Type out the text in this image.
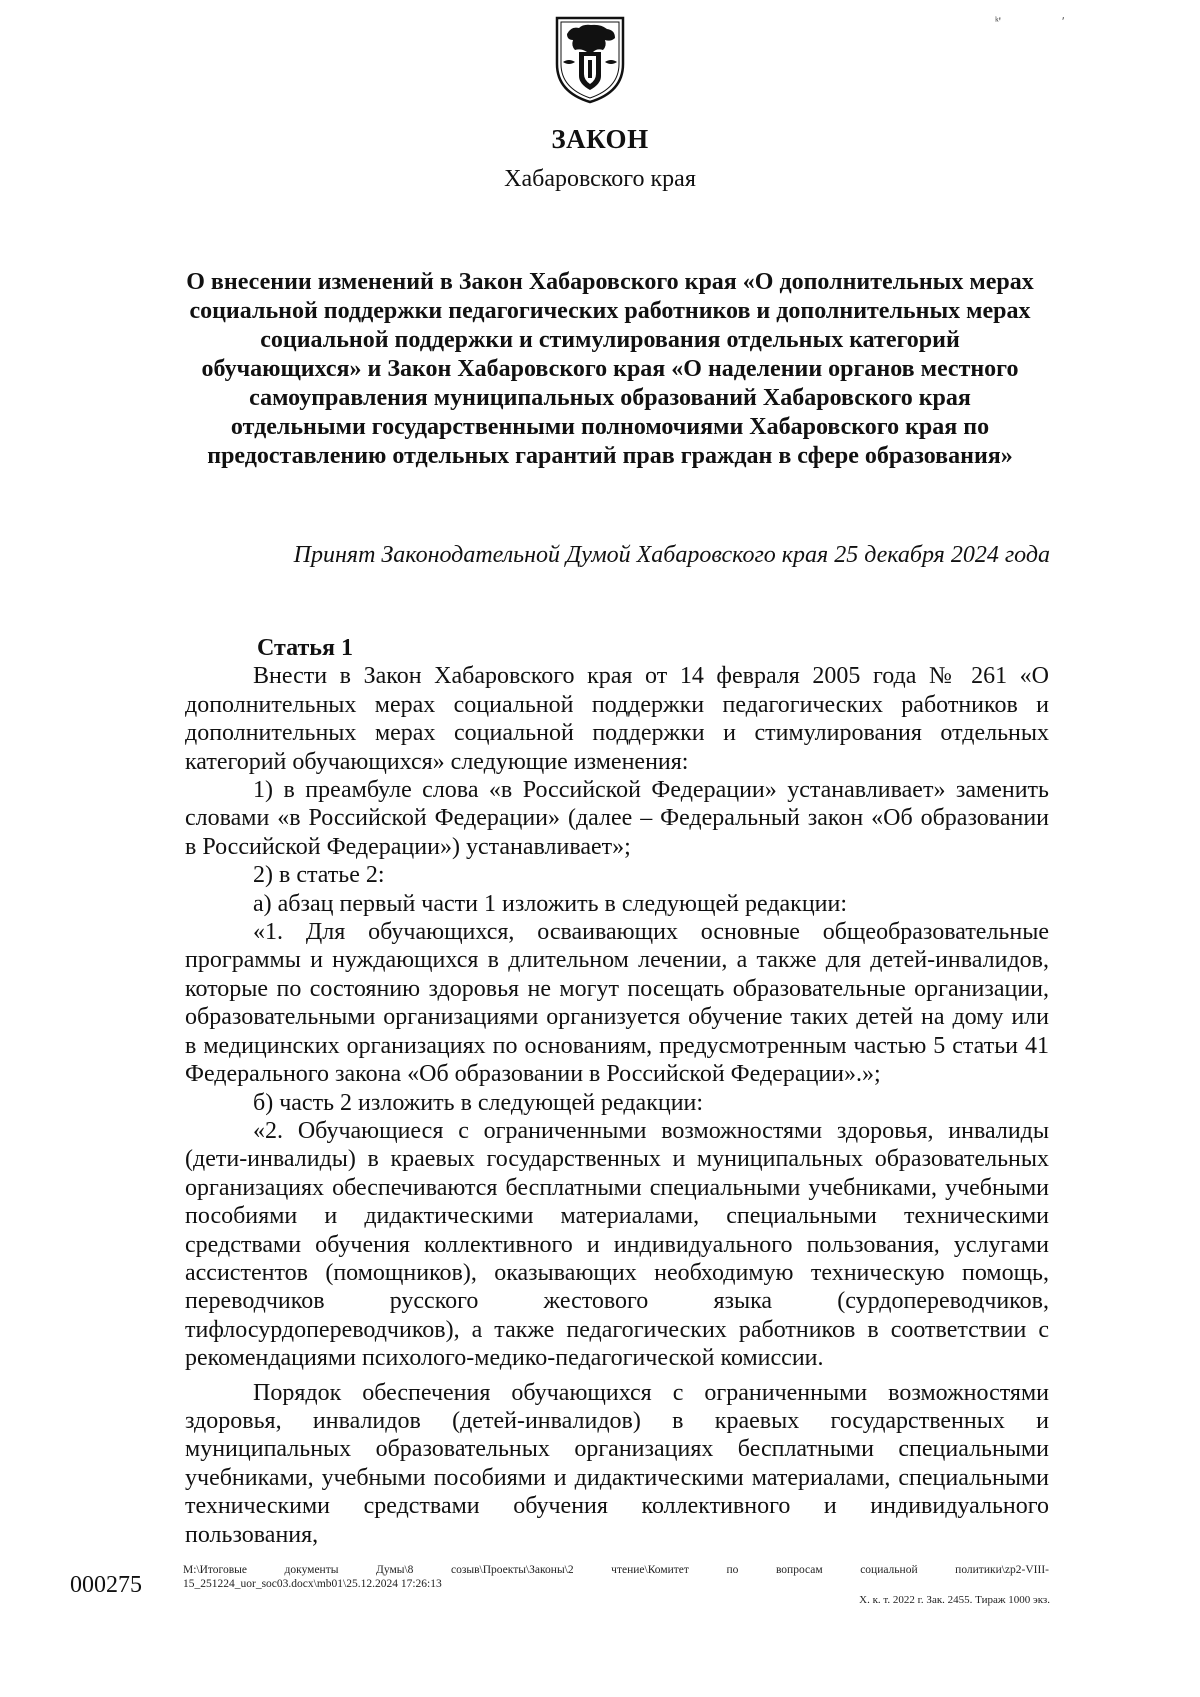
ᵏ'	ʹ
ЗАКОН
Хабаровского края
О внесении изменений в Закон Хабаровского края «О дополнительных мерах
социальной поддержки педагогических работников и дополнительных мерах
социальной поддержки и стимулирования отдельных категорий
обучающихся» и Закон Хабаровского края «О наделении органов местного
самоуправления муниципальных образований Хабаровского края
отдельными государственными полномочиями Хабаровского края по
предоставлению отдельных гарантий прав граждан в сфере образования»
Принят Законодательной Думой Хабаровского края 25 декабря 2024 года
Статья 1

Внести в Закон Хабаровского края от 14 февраля 2005 года № 261 «О дополнительных мерах социальной поддержки педагогических работников и дополнительных мерах социальной поддержки и стимулирования отдельных категорий обучающихся» следующие изменения:

1) в преамбуле слова «в Российской Федерации» устанавливает» заменить словами «в Российской Федерации» (далее – Федеральный закон «Об образовании в Российской Федерации») устанавливает»;

2) в статье 2:

а) абзац первый части 1 изложить в следующей редакции:

«1. Для обучающихся, осваивающих основные общеобразовательные программы и нуждающихся в длительном лечении, а также для детей-инвалидов, которые по состоянию здоровья не могут посещать образовательные организации, образовательными организациями организуется обучение таких детей на дому или в медицинских организациях по основаниям, предусмотренным частью 5 статьи 41 Федерального закона «Об образовании в Российской Федерации».»;

б) часть 2 изложить в следующей редакции:

«2. Обучающиеся с ограниченными возможностями здоровья, инвалиды (дети-инвалиды) в краевых государственных и муниципальных образовательных организациях обеспечиваются бесплатными специальными учебниками, учебными пособиями и дидактическими материалами, специальными техническими средствами обучения коллективного и индивидуального пользования, услугами ассистентов (помощников), оказывающих необходимую техническую помощь, переводчиков русского жестового языка (сурдопереводчиков, тифлосурдопереводчиков), а также педагогических работников в соответствии с рекомендациями психолого-медико-педагогической комиссии.

Порядок обеспечения обучающихся с ограниченными возможностями здоровья, инвалидов (детей-инвалидов) в краевых государственных и муниципальных образовательных организациях бесплатными специальными учебниками, учебными пособиями и дидактическими материалами, специальными техническими средствами обучения коллективного и индивидуального пользования,

000275
M:\Итоговые документы Думы\8 созыв\Проекты\Законы\2 чтение\Комитет по вопросам социальной политики\zp2-VIII-
15_251224_uor_soc03.docx\mb01\25.12.2024 17:26:13
Х. к. т. 2022 г. Зак. 2455. Тираж 1000 экз.
